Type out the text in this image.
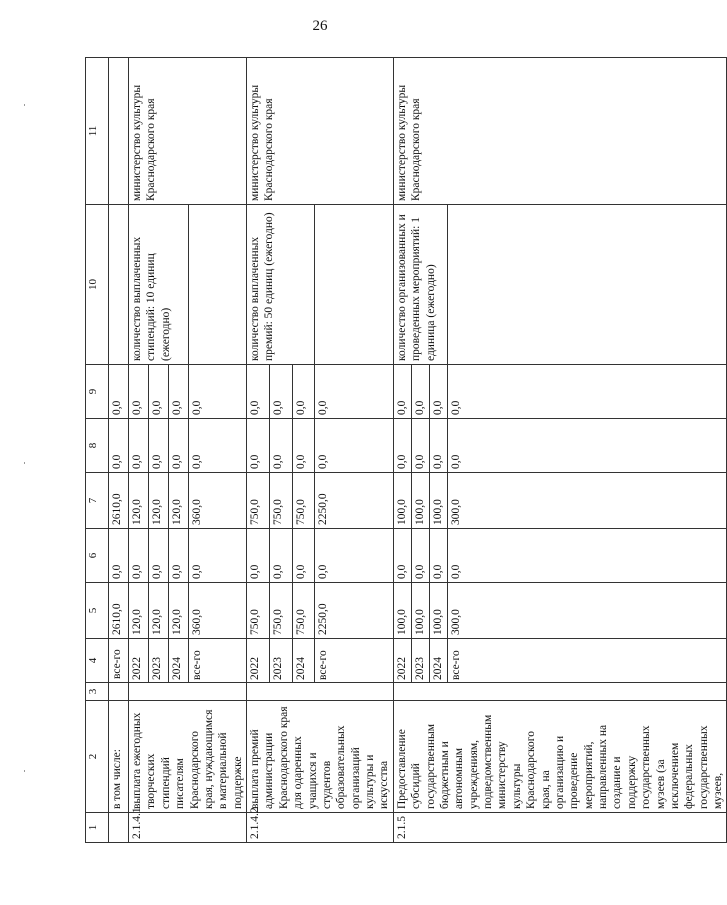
26
1	2	3	4	5	6	7	8	9	10	11
	в том числе:		все-го	2610,0	0,0	2610,0	0,0	0,0		
2.1.4.1	выплата ежегодных творческих стипендий писателям Краснодарского края, нуждающимся в материальной поддержке		2022	120,0	0,0	120,0	0,0	0,0	количество выплаченных стипендий: 10 единиц (ежегодно)	министерство культуры Краснодарского края
			2023	120,0	0,0	120,0	0,0	0,0		
			2024	120,0	0,0	120,0	0,0	0,0		
			все-го	360,0	0,0	360,0	0,0	0,0		
2.1.4.2	выплата премий администрации Краснодарского края для одаренных учащихся и студентов образовательных организаций культуры и искусства		2022	750,0	0,0	750,0	0,0	0,0	количество выплаченных премий: 50 единиц (ежегодно)	министерство культуры Краснодарского края
			2023	750,0	0,0	750,0	0,0	0,0		
			2024	750,0	0,0	750,0	0,0	0,0		
			все-го	2250,0	0,0	2250,0	0,0	0,0		
2.1.5	Предоставление субсидий государственным бюджетным и автономным учреждениям, подведомственным министерству культуры Краснодарского края, на организацию и проведение мероприятий, направленных на создание и поддержку государственных музеев (за исключением федеральных государственных музеев,		2022	100,0	0,0	100,0	0,0	0,0	количество организованных и проведенных мероприятий: 1 единица (ежегодно)	министерство культуры Краснодарского края
			2023	100,0	0,0	100,0	0,0	0,0		
			2024	100,0	0,0	100,0	0,0	0,0		
			все-го	300,0	0,0	300,0	0,0	0,0		
